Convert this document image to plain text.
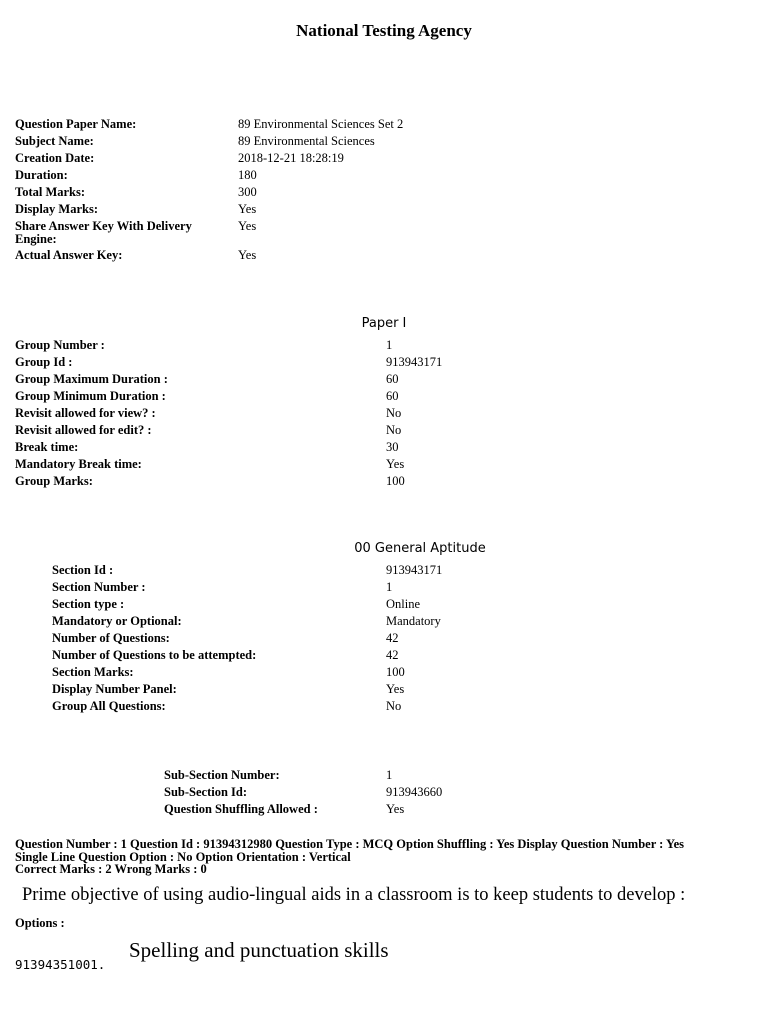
National Testing Agency
Question Paper Name:	89 Environmental Sciences Set 2
Subject Name:	89 Environmental Sciences
Creation Date:	2018-12-21 18:28:19
Duration:	180
Total Marks:	300
Display Marks:	Yes
Share Answer Key With Delivery Engine:
Yes
Actual Answer Key:	Yes
Paper I
Group Number :	1
Group Id :	913943171
Group Maximum Duration :	60
Group Minimum Duration :	60
Revisit allowed for view? :	No
Revisit allowed for edit? :	No
Break time:	30
Mandatory Break time:	Yes
Group Marks:	100
00 General Aptitude
Section Id :	913943171
Section Number :	1
Section type :	Online
Mandatory or Optional:	Mandatory
Number of Questions:	42
Number of Questions to be attempted:	42
Section Marks:	100
Display Number Panel:	Yes
Group All Questions:	No
Sub-Section Number:	1
Sub-Section Id:	913943660
Question Shuffling Allowed :	Yes
Question Number : 1 Question Id : 91394312980 Question Type : MCQ Option Shuffling : Yes Display Question Number : Yes
Single Line Question Option : No Option Orientation : Vertical
Correct Marks : 2 Wrong Marks : 0
Prime objective of using audio-lingual aids in a classroom is to keep students to develop :
Options :
91394351001.
Spelling and punctuation skills
